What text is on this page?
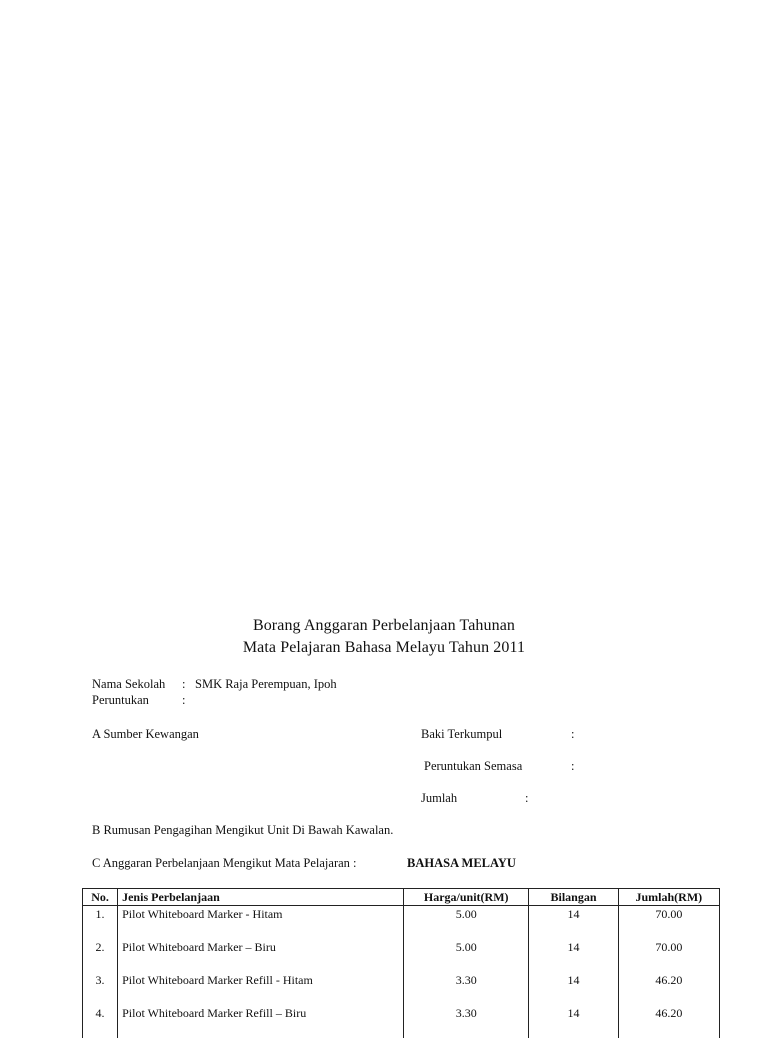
Borang Anggaran Perbelanjaan Tahunan
Mata Pelajaran Bahasa Melayu Tahun 2011
Nama Sekolah : SMK Raja Perempuan, Ipoh
Peruntukan	:
A Sumber Kewangan	Baki Terkumpul	:
Peruntukan Semasa	:
Jumlah	:
B Rumusan Pengagihan Mengikut Unit Di Bawah Kawalan.
C Anggaran Perbelanjaan Mengikut Mata Pelajaran :	BAHASA MELAYU
No.	Jenis Perbelanjaan	Harga/unit(RM)	Bilangan	Jumlah(RM)
1.	Pilot Whiteboard Marker - Hitam	5.00	14	70.00
2.	Pilot Whiteboard Marker – Biru	5.00	14	70.00
3.	Pilot Whiteboard Marker Refill - Hitam	3.30	14	46.20
4.	Pilot Whiteboard Marker Refill – Biru	3.30	14	46.20
